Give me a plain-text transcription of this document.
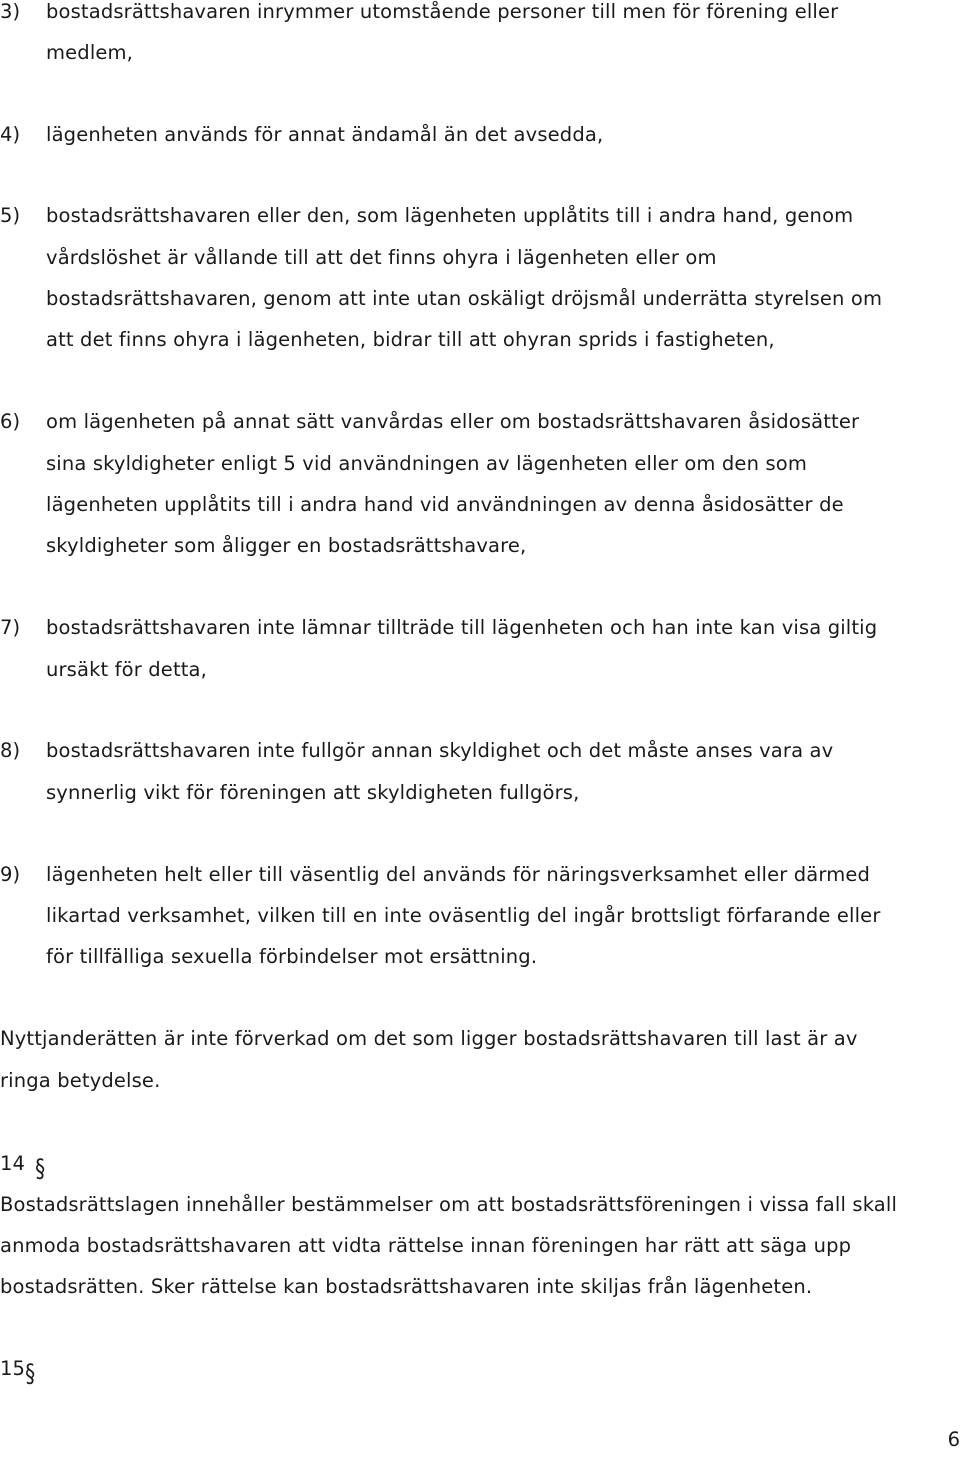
3) bostadsrättshavaren inrymmer utomstående personer till men för förening eller
medlem,
4) lägenheten används för annat ändamål än det avsedda,
5) bostadsrättshavaren eller den, som lägenheten upplåtits till i andra hand, genom
vårdslöshet är vållande till att det finns ohyra i lägenheten eller om
bostadsrättshavaren, genom att inte utan oskäligt dröjsmål underrätta styrelsen om
att det finns ohyra i lägenheten, bidrar till att ohyran sprids i fastigheten,
6) om lägenheten på annat sätt vanvårdas eller om bostadsrättshavaren åsidosätter
sina skyldigheter enligt 5 vid användningen av lägenheten eller om den som
lägenheten upplåtits till i andra hand vid användningen av denna åsidosätter de
skyldigheter som åligger en bostadsrättshavare,
7) bostadsrättshavaren inte lämnar tillträde till lägenheten och han inte kan visa giltig
ursäkt för detta,
8) bostadsrättshavaren inte fullgör annan skyldighet och det måste anses vara av
synnerlig vikt för föreningen att skyldigheten fullgörs,
9) lägenheten helt eller till väsentlig del används för näringsverksamhet eller därmed
likartad verksamhet, vilken till en inte oväsentlig del ingår brottsligt förfarande eller
för tillfälliga sexuella förbindelser mot ersättning.
Nyttjanderätten är inte förverkad om det som ligger bostadsrättshavaren till last är av
ringa betydelse.
14 §
Bostadsrättslagen innehåller bestämmelser om att bostadsrättsföreningen i vissa fall skall
anmoda bostadsrättshavaren att vidta rättelse innan föreningen har rätt att säga upp
bostadsrätten. Sker rättelse kan bostadsrättshavaren inte skiljas från lägenheten.
15§
6
